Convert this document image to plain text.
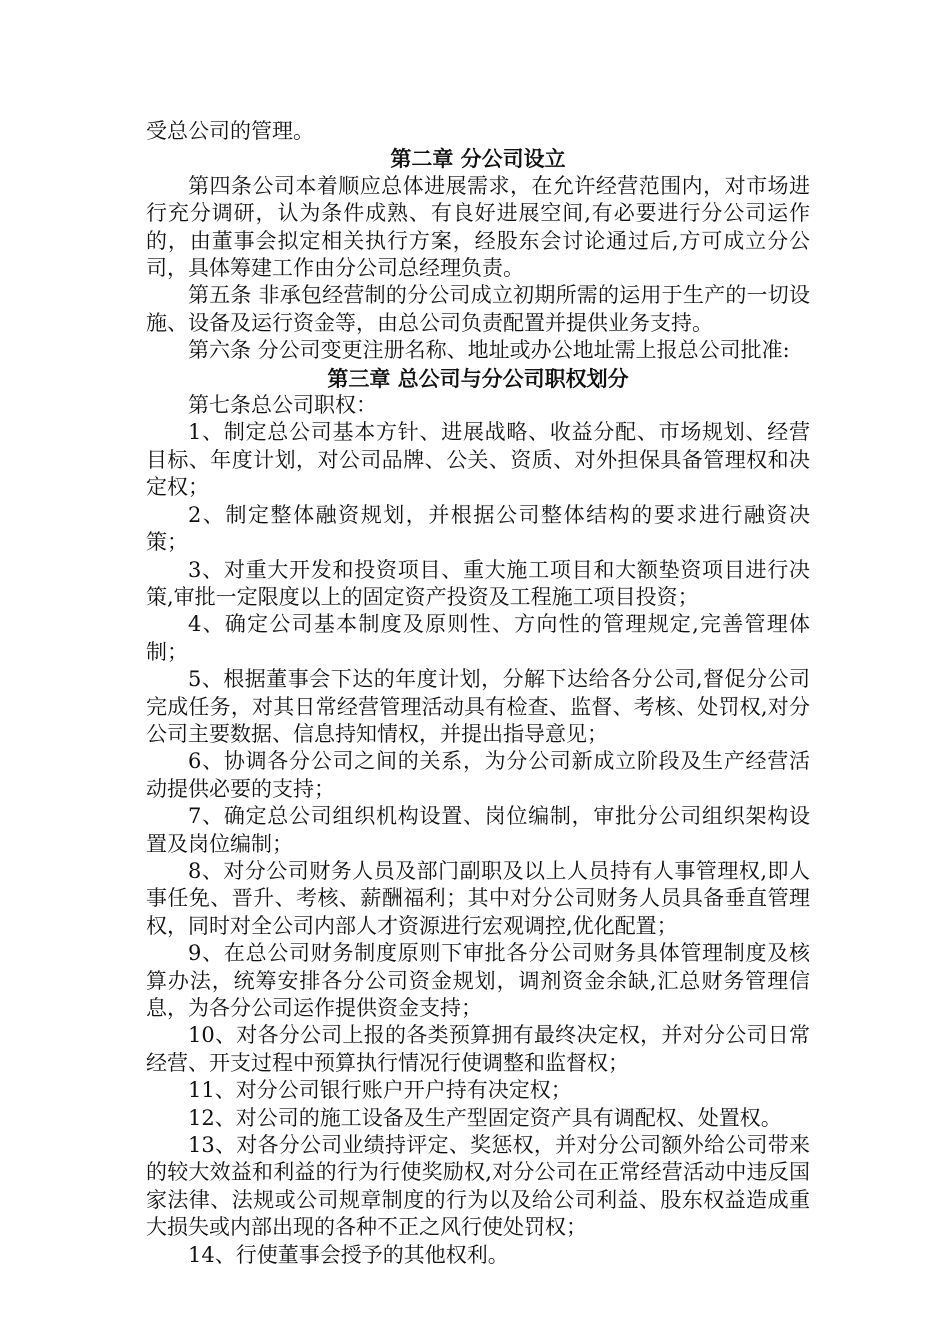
受总公司的管理。

第二章 分公司设立

第四条公司本着顺应总体进展需求，在允许经营范围内，对市场进行充分调研，认为条件成熟、有良好进展空间,有必要进行分公司运作的，由董事会拟定相关执行方案，经股东会讨论通过后,方可成立分公司，具体筹建工作由分公司总经理负责。

第五条 非承包经营制的分公司成立初期所需的运用于生产的一切设施、设备及运行资金等，由总公司负责配置并提供业务支持。

第六条 分公司变更注册名称、地址或办公地址需上报总公司批准:

第三章 总公司与分公司职权划分

第七条总公司职权：

1、制定总公司基本方针、进展战略、收益分配、市场规划、经营目标、年度计划，对公司品牌、公关、资质、对外担保具备管理权和决定权；

2、制定整体融资规划，并根据公司整体结构的要求进行融资决策；

3、对重大开发和投资项目、重大施工项目和大额垫资项目进行决策,审批一定限度以上的固定资产投资及工程施工项目投资；

4、确定公司基本制度及原则性、方向性的管理规定,完善管理体制；

5、根据董事会下达的年度计划，分解下达给各分公司,督促分公司完成任务，对其日常经营管理活动具有检查、监督、考核、处罚权,对分公司主要数据、信息持知情权，并提出指导意见；

6、协调各分公司之间的关系，为分公司新成立阶段及生产经营活动提供必要的支持；

7、确定总公司组织机构设置、岗位编制，审批分公司组织架构设置及岗位编制；

8、对分公司财务人员及部门副职及以上人员持有人事管理权,即人事任免、晋升、考核、薪酬福利；其中对分公司财务人员具备垂直管理权，同时对全公司内部人才资源进行宏观调控,优化配置；

9、在总公司财务制度原则下审批各分公司财务具体管理制度及核算办法，统筹安排各分公司资金规划，调剂资金余缺,汇总财务管理信息，为各分公司运作提供资金支持；

10、对各分公司上报的各类预算拥有最终决定权，并对分公司日常经营、开支过程中预算执行情况行使调整和监督权；

11、对分公司银行账户开户持有决定权；

12、对公司的施工设备及生产型固定资产具有调配权、处置权。

13、对各分公司业绩持评定、奖惩权，并对分公司额外给公司带来的较大效益和利益的行为行使奖励权,对分公司在正常经营活动中违反国家法律、法规或公司规章制度的行为以及给公司利益、股东权益造成重大损失或内部出现的各种不正之风行使处罚权；

14、行使董事会授予的其他权利。
